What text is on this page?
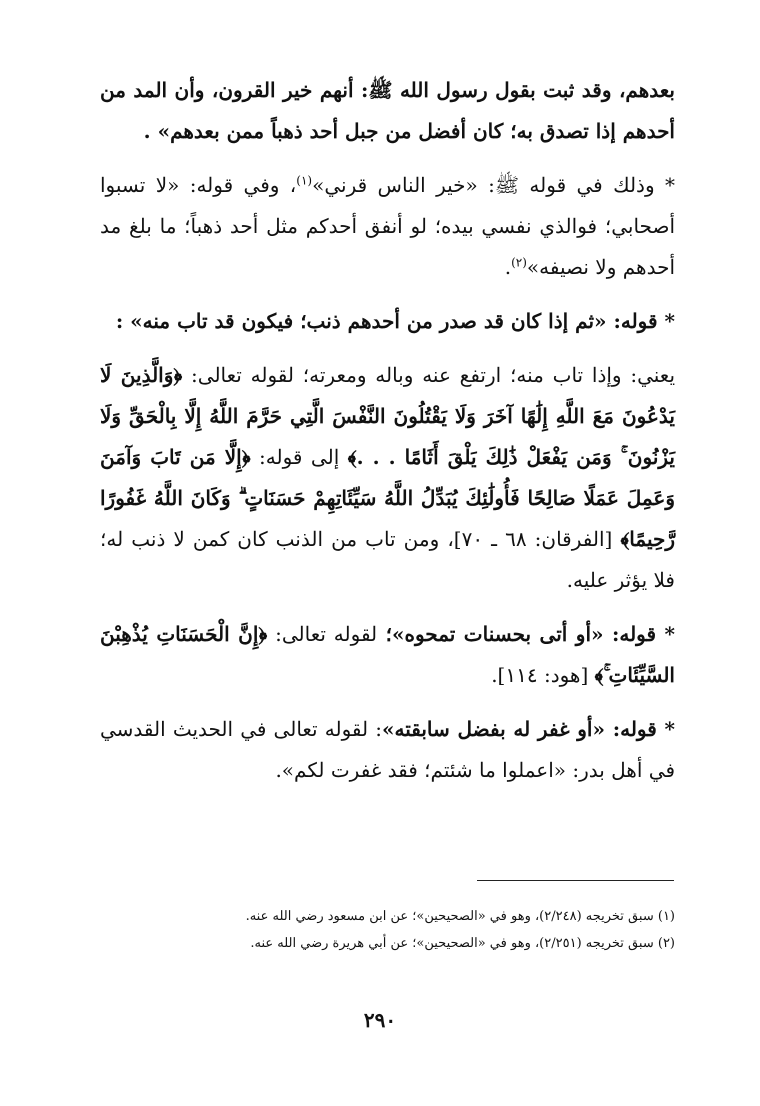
بعدهم، وقد ثبت بقول رسول الله ﷺ: أنهم خير القرون، وأن المد من أحدهم إذا تصدق به؛ كان أفضل من جبل أحد ذهباً ممن بعدهم» .

* وذلك في قوله ﷺ: «خير الناس قرني»$^{(١)}$، وفي قوله: «لا تسبوا أصحابي؛ فوالذي نفسي بيده؛ لو أنفق أحدكم مثل أحد ذهباً؛ ما بلغ مد أحدهم ولا نصيفه»$^{(٢)}$.

* قوله: «ثم إذا كان قد صدر من أحدهم ذنب؛ فيكون قد تاب منه» :

يعني: وإذا تاب منه؛ ارتفع عنه وباله ومعرته؛ لقوله تعالى: ﴿وَالَّذِينَ لَا يَدْعُونَ مَعَ اللَّهِ إِلَٰهًا آخَرَ وَلَا يَقْتُلُونَ النَّفْسَ الَّتِي حَرَّمَ اللَّهُ إِلَّا بِالْحَقِّ وَلَا يَزْنُونَ ۚ وَمَن يَفْعَلْ ذَٰلِكَ يَلْقَ أَثَامًا . . .﴾ إلى قوله: ﴿إِلَّا مَن تَابَ وَآمَنَ وَعَمِلَ عَمَلًا صَالِحًا فَأُولَٰئِكَ يُبَدِّلُ اللَّهُ سَيِّئَاتِهِمْ حَسَنَاتٍ ۗ وَكَانَ اللَّهُ غَفُورًا رَّحِيمًا﴾ [الفرقان: ٦٨ ـ ٧٠]، ومن تاب من الذنب كان كمن لا ذنب له؛ فلا يؤثر عليه.

* قوله: «أو أتى بحسنات تمحوه»؛ لقوله تعالى: ﴿إِنَّ الْحَسَنَاتِ يُذْهِبْنَ السَّيِّئَاتِ ۚ﴾ [هود: ١١٤].

* قوله: «أو غفر له بفضل سابقته»: لقوله تعالى في الحديث القدسي في أهل بدر: «اعملوا ما شئتم؛ فقد غفرت لكم».

(١) سبق تخريجه (٢/٢٤٨)، وهو في «الصحيحين»؛ عن ابن مسعود رضي الله عنه.

(٢) سبق تخريجه (٢/٢٥١)، وهو في «الصحيحين»؛ عن أبي هريرة رضي الله عنه.

٢٩٠
